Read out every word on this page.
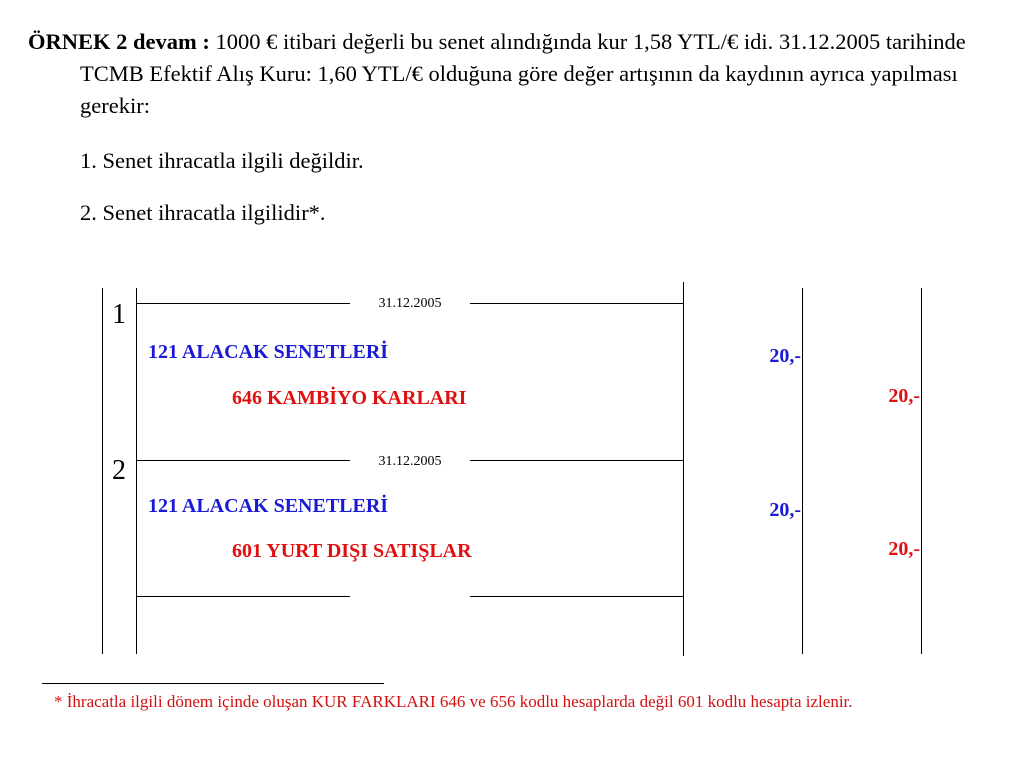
ÖRNEK 2 devam : 1000 € itibari değerli bu senet alındığında kur 1,58 YTL/€ idi. 31.12.2005 tarihinde TCMB Efektif Alış Kuru: 1,60 YTL/€ olduğuna göre değer artışının da kaydının ayrıca yapılması gerekir:
1. Senet ihracatla ilgili değildir.
2. Senet ihracatla ilgilidir*.
1	31.12.2005
121 ALACAK SENETLERİ
646 KAMBİYO KARLARI
20,-
20,-
2	31.12.2005
121 ALACAK SENETLERİ
601 YURT DIŞI SATIŞLAR
20,-
20,-
* İhracatla ilgili dönem içinde oluşan KUR FARKLARI 646 ve 656 kodlu hesaplarda değil 601 kodlu hesapta izlenir.
